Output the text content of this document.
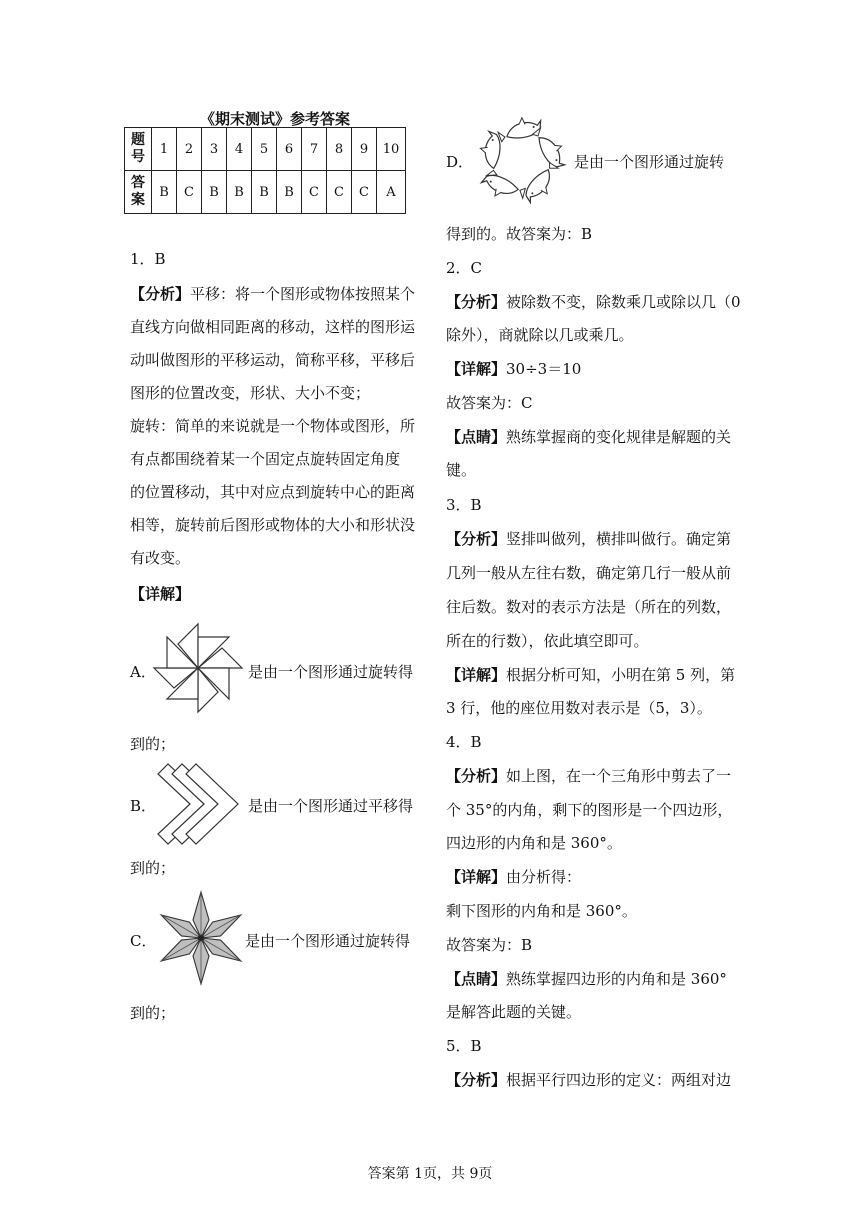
《期末测试》参考答案
题
号	1	2	3	4	5	6	7	8	9	10
答
案	B	C	B	B	B	B	C	C	C	A
1．B
【分析】平移：将一个图形或物体按照某个
直线方向做相同距离的移动，这样的图形运
动叫做图形的平移运动，简称平移，平移后
图形的位置改变，形状、大小不变；
旋转：简单的来说就是一个物体或图形，所
有点都围绕着某一个固定点旋转固定角度
的位置移动，其中对应点到旋转中心的距离
相等，旋转前后图形或物体的大小和形状没
有改变。
【详解】
A．	是由一个图形通过旋转得
到的；
B．	是由一个图形通过平移得
到的；
C．	是由一个图形通过旋转得
到的；
D．	是由一个图形通过旋转
得到的。故答案为：B
2．C
【分析】被除数不变，除数乘几或除以几（0
除外），商就除以几或乘几。
【详解】30÷3＝10
故答案为：C
【点睛】熟练掌握商的变化规律是解题的关
键。
3．B
【分析】竖排叫做列，横排叫做行。确定第
几列一般从左往右数，确定第几行一般从前
往后数。数对的表示方法是（所在的列数，
所在的行数），依此填空即可。
【详解】根据分析可知，小明在第 5 列，第
3 行，他的座位用数对表示是（5，3）。
4．B
【分析】如上图，在一个三角形中剪去了一
个 35°的内角，剩下的图形是一个四边形，
四边形的内角和是 360°。
【详解】由分析得：
剩下图形的内角和是 360°。
故答案为：B
【点睛】熟练掌握四边形的内角和是 360°
是解答此题的关键。
5．B
【分析】根据平行四边形的定义：两组对边
答案第 1页，共 9页
